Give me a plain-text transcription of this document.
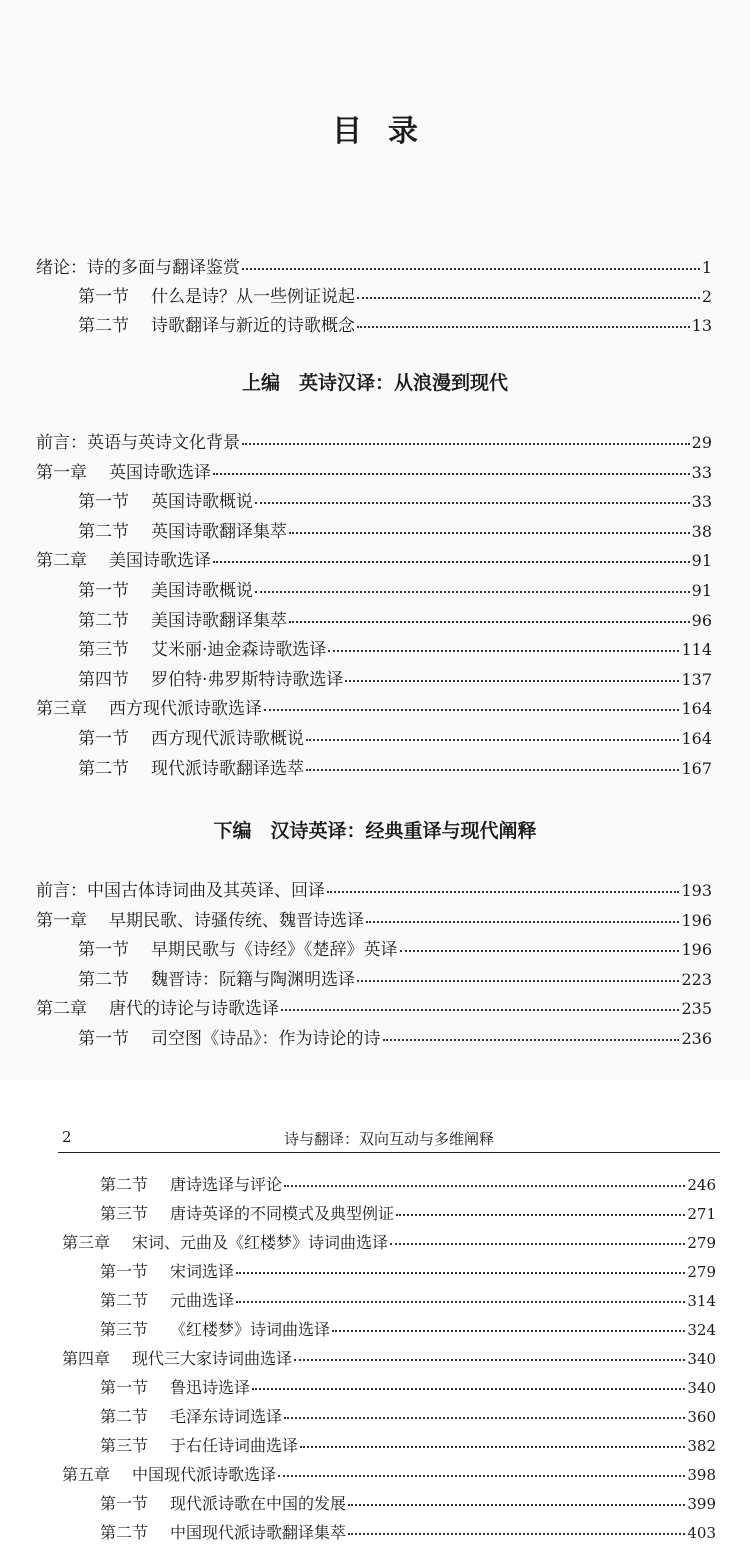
目录
绪论：诗的多面与翻译鉴赏	1
第一节 什么是诗？从一些例证说起	2
第二节 诗歌翻译与新近的诗歌概念	13
上编　英诗汉译：从浪漫到现代
前言：英语与英诗文化背景	29
第一章 英国诗歌选译	33
第一节 英国诗歌概说	33
第二节 英国诗歌翻译集萃	38
第二章 美国诗歌选译	91
第一节 美国诗歌概说	91
第二节 美国诗歌翻译集萃	96
第三节 艾米丽·迪金森诗歌选译	114
第四节 罗伯特·弗罗斯特诗歌选译	137
第三章 西方现代派诗歌选译	164
第一节 西方现代派诗歌概说	164
第二节 现代派诗歌翻译选萃	167
下编　汉诗英译：经典重译与现代阐释
前言：中国古体诗词曲及其英译、回译	193
第一章 早期民歌、诗骚传统、魏晋诗选译	196
第一节 早期民歌与《诗经》《楚辞》英译	196
第二节 魏晋诗：阮籍与陶渊明选译	223
第二章 唐代的诗论与诗歌选译	235
第一节 司空图《诗品》：作为诗论的诗	236
2	诗与翻译：双向互动与多维阐释
第二节 唐诗选译与评论	246
第三节 唐诗英译的不同模式及典型例证	271
第三章 宋词、元曲及《红楼梦》诗词曲选译	279
第一节 宋词选译	279
第二节 元曲选译	314
第三节 《红楼梦》诗词曲选译	324
第四章 现代三大家诗词曲选译	340
第一节 鲁迅诗选译	340
第二节 毛泽东诗词选译	360
第三节 于右任诗词曲选译	382
第五章 中国现代派诗歌选译	398
第一节 现代派诗歌在中国的发展	399
第二节 中国现代派诗歌翻译集萃	403
